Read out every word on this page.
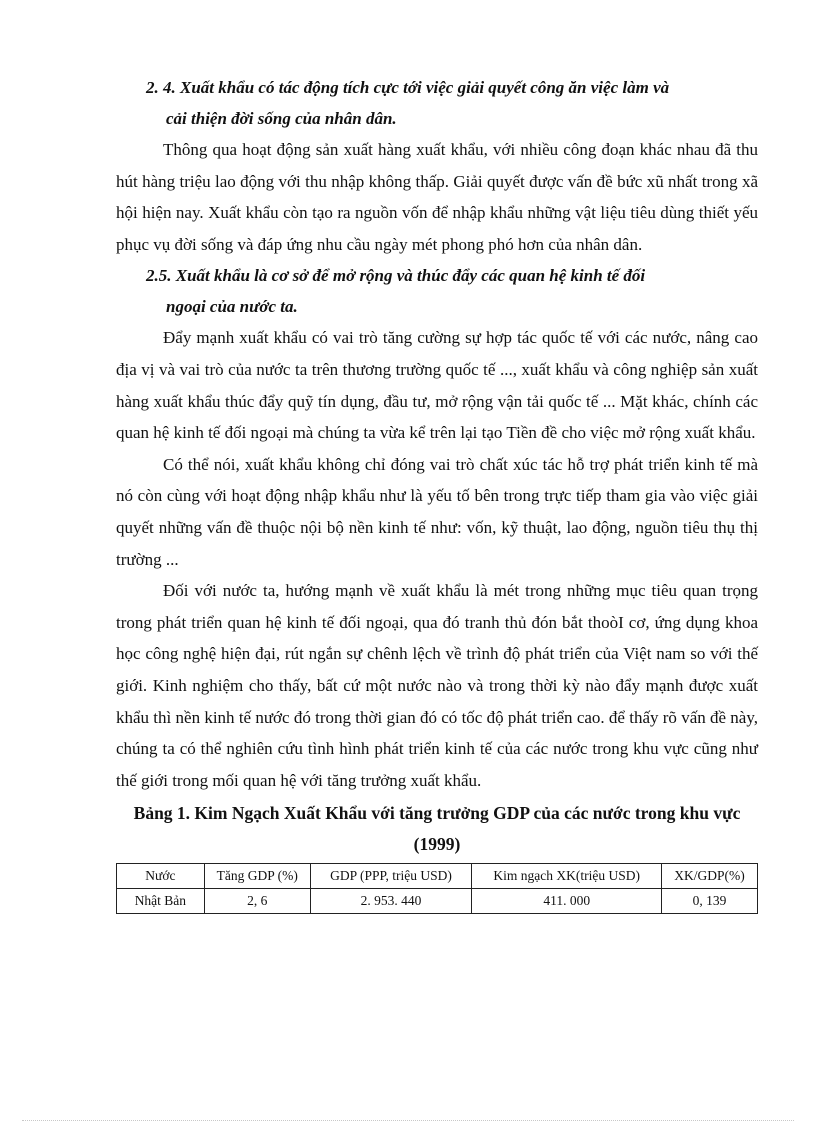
2. 4. Xuất khẩu có tác động tích cực tới việc giải quyết công ăn việc làm và
cải thiện đời sống của nhân dân.

Thông qua hoạt động sản xuất hàng xuất khẩu, với nhiều công đoạn khác nhau đã thu hút hàng triệu lao động với thu nhập không thấp. Giải quyết được vấn đề bức xũ nhất trong xã hội hiện nay. Xuất khẩu còn tạo ra nguồn vốn để nhập khẩu những vật liệu tiêu dùng thiết yếu phục vụ đời sống và đáp ứng nhu cầu ngày mét phong phó hơn của nhân dân.

2.5. Xuất khẩu là cơ sở để mở rộng và thúc đẩy các quan hệ kinh tế đối
ngoại của nước ta.

Đẩy mạnh xuất khẩu có vai trò tăng cường sự hợp tác quốc tế với các nước, nâng cao địa vị và vai trò của nước ta trên thương trường quốc tế ..., xuất khẩu và công nghiệp sản xuất hàng xuất khẩu thúc đẩy quỹ tín dụng, đầu tư, mở rộng vận tải quốc tế ... Mặt khác, chính các quan hệ kinh tế đối ngoại mà chúng ta vừa kể trên lại tạo Tiền đề cho việc mở rộng xuất khẩu.

Có thể nói, xuất khẩu không chỉ đóng vai trò chất xúc tác hỗ trợ phát triển kinh tế mà nó còn cùng với hoạt động nhập khẩu như là yếu tố bên trong trực tiếp tham gia vào việc giải quyết những vấn đề thuộc nội bộ nền kinh tế như: vốn, kỹ thuật, lao động, nguồn tiêu thụ thị trường ...

Đối với nước ta, hướng mạnh về xuất khẩu là mét trong những mục tiêu quan trọng trong phát triển quan hệ kinh tế đối ngoại, qua đó tranh thủ đón bắt thoòI cơ, ứng dụng khoa học công nghệ hiện đại, rút ngắn sự chênh lệch về trình độ phát triển của Việt nam so với thế giới. Kinh nghiệm cho thấy, bất cứ một nước nào và trong thời kỳ nào đẩy mạnh được xuất khẩu thì nền kinh tế nước đó trong thời gian đó có tốc độ phát triển cao. để thấy rõ vấn đề này, chúng ta có thể nghiên cứu tình hình phát triển kinh tế của các nước trong khu vực cũng như thế giới trong mối quan hệ với tăng trưởng xuất khẩu.

Bảng 1. Kim Ngạch Xuất Khẩu với tăng trưởng GDP của các nước trong khu vực (1999)

Nước	Tăng GDP (%)	GDP (PPP, triệu USD)	Kim ngạch XK(triệu USD)	XK/GDP(%)
Nhật Bản	2, 6	2. 953. 440	411. 000	0, 139
